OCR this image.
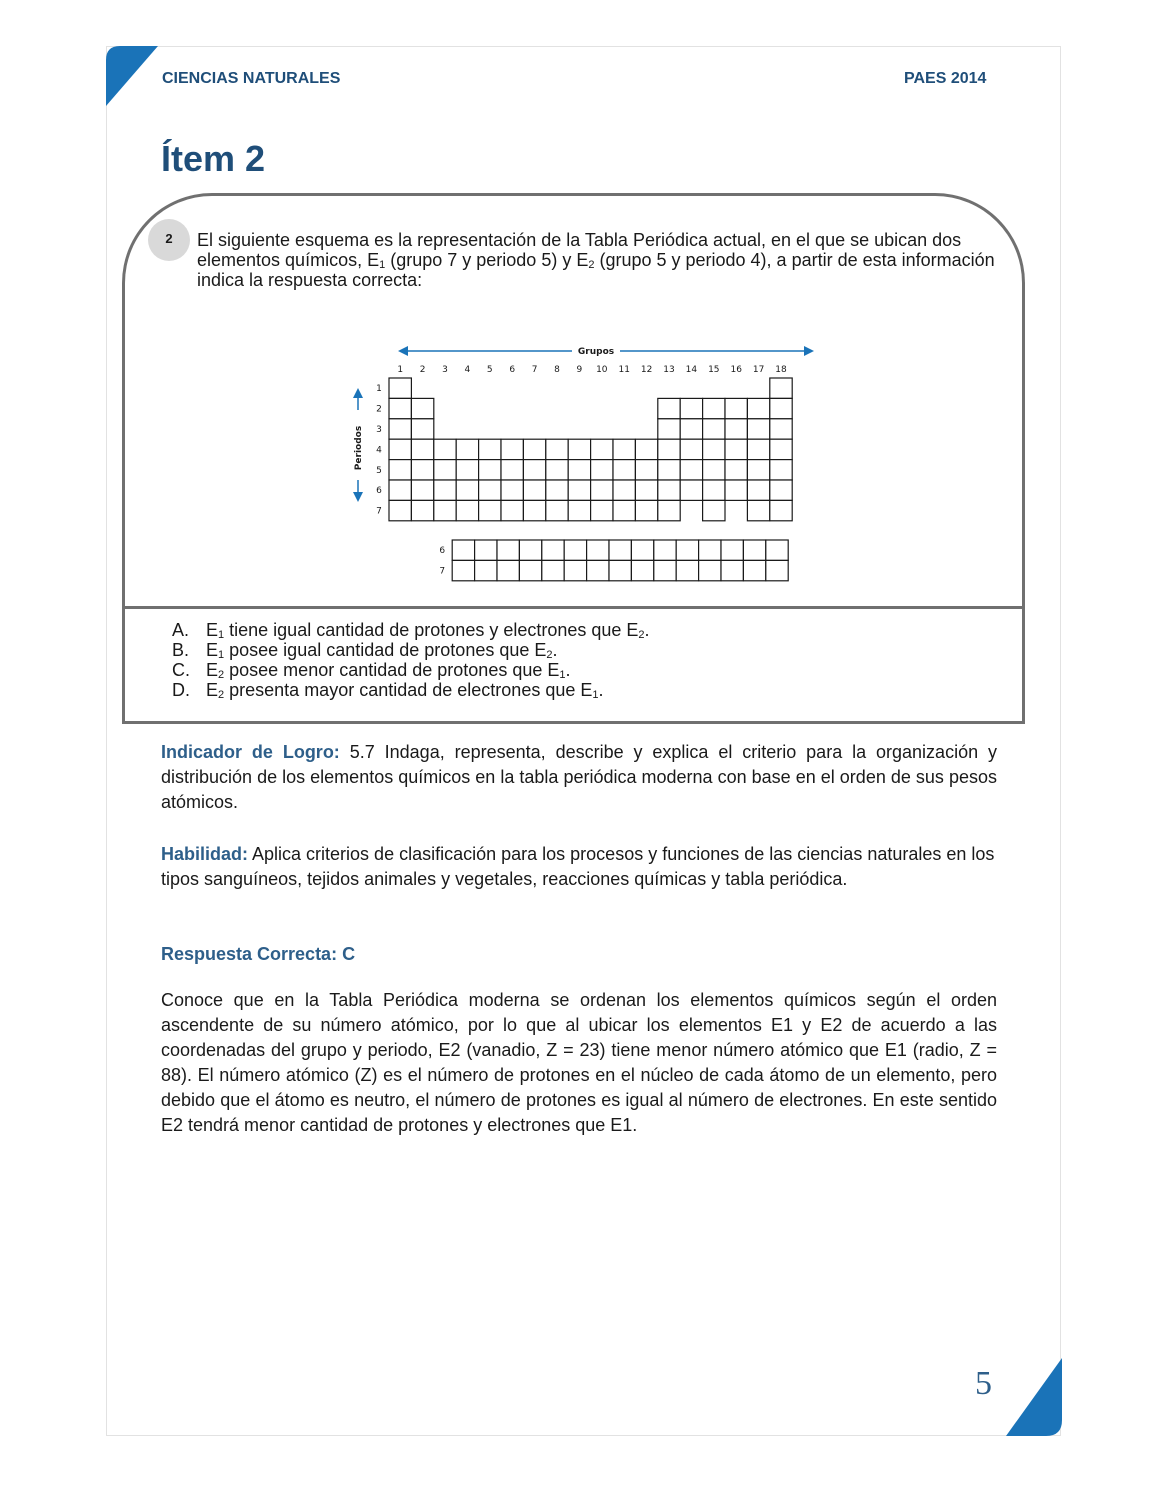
CIENCIAS NATURALES	PAES 2014
Ítem 2
2	El siguiente esquema es la representación de la Tabla Periódica actual, en el que se ubican dos elementos químicos, $E_1$ (grupo 7 y periodo 5) y $E_2$ (grupo 5 y periodo 4), a partir de esta información indica la respuesta correcta:
1 2 3 4 5 6 7 8 9 10 11 12 13 14 15 16 17 18
1
2
3
4
5
6
7
6
7
Grupos
Periodos
A. $E_1$ tiene igual cantidad de protones y electrones que $E_2$.
B. $E_1$ posee igual cantidad de protones que $E_2$.
C. $E_2$ posee menor cantidad de protones que $E_1$.
D. $E_2$ presenta mayor cantidad de electrones que $E_1$.
Indicador de Logro: 5.7 Indaga, representa, describe y explica el criterio para la organización y distribución de los elementos químicos en la tabla periódica moderna con base en el orden de sus pesos atómicos.
Habilidad: Aplica criterios de clasificación para los procesos y funciones de las ciencias naturales en los tipos sanguíneos, tejidos animales y vegetales, reacciones químicas y tabla periódica.
Respuesta Correcta: C
Conoce que en la Tabla Periódica moderna se ordenan los elementos químicos según el orden ascendente de su número atómico, por lo que al ubicar los elementos E1 y E2 de acuerdo a las coordenadas del grupo y periodo, E2 (vanadio, Z = 23) tiene menor número atómico que E1 (radio, Z = 88). El número atómico (Z) es el número de protones en el núcleo de cada átomo de un elemento, pero debido que el átomo es neutro, el número de protones es igual al número de electrones. En este sentido E2 tendrá menor cantidad de protones y electrones que E1.
5
